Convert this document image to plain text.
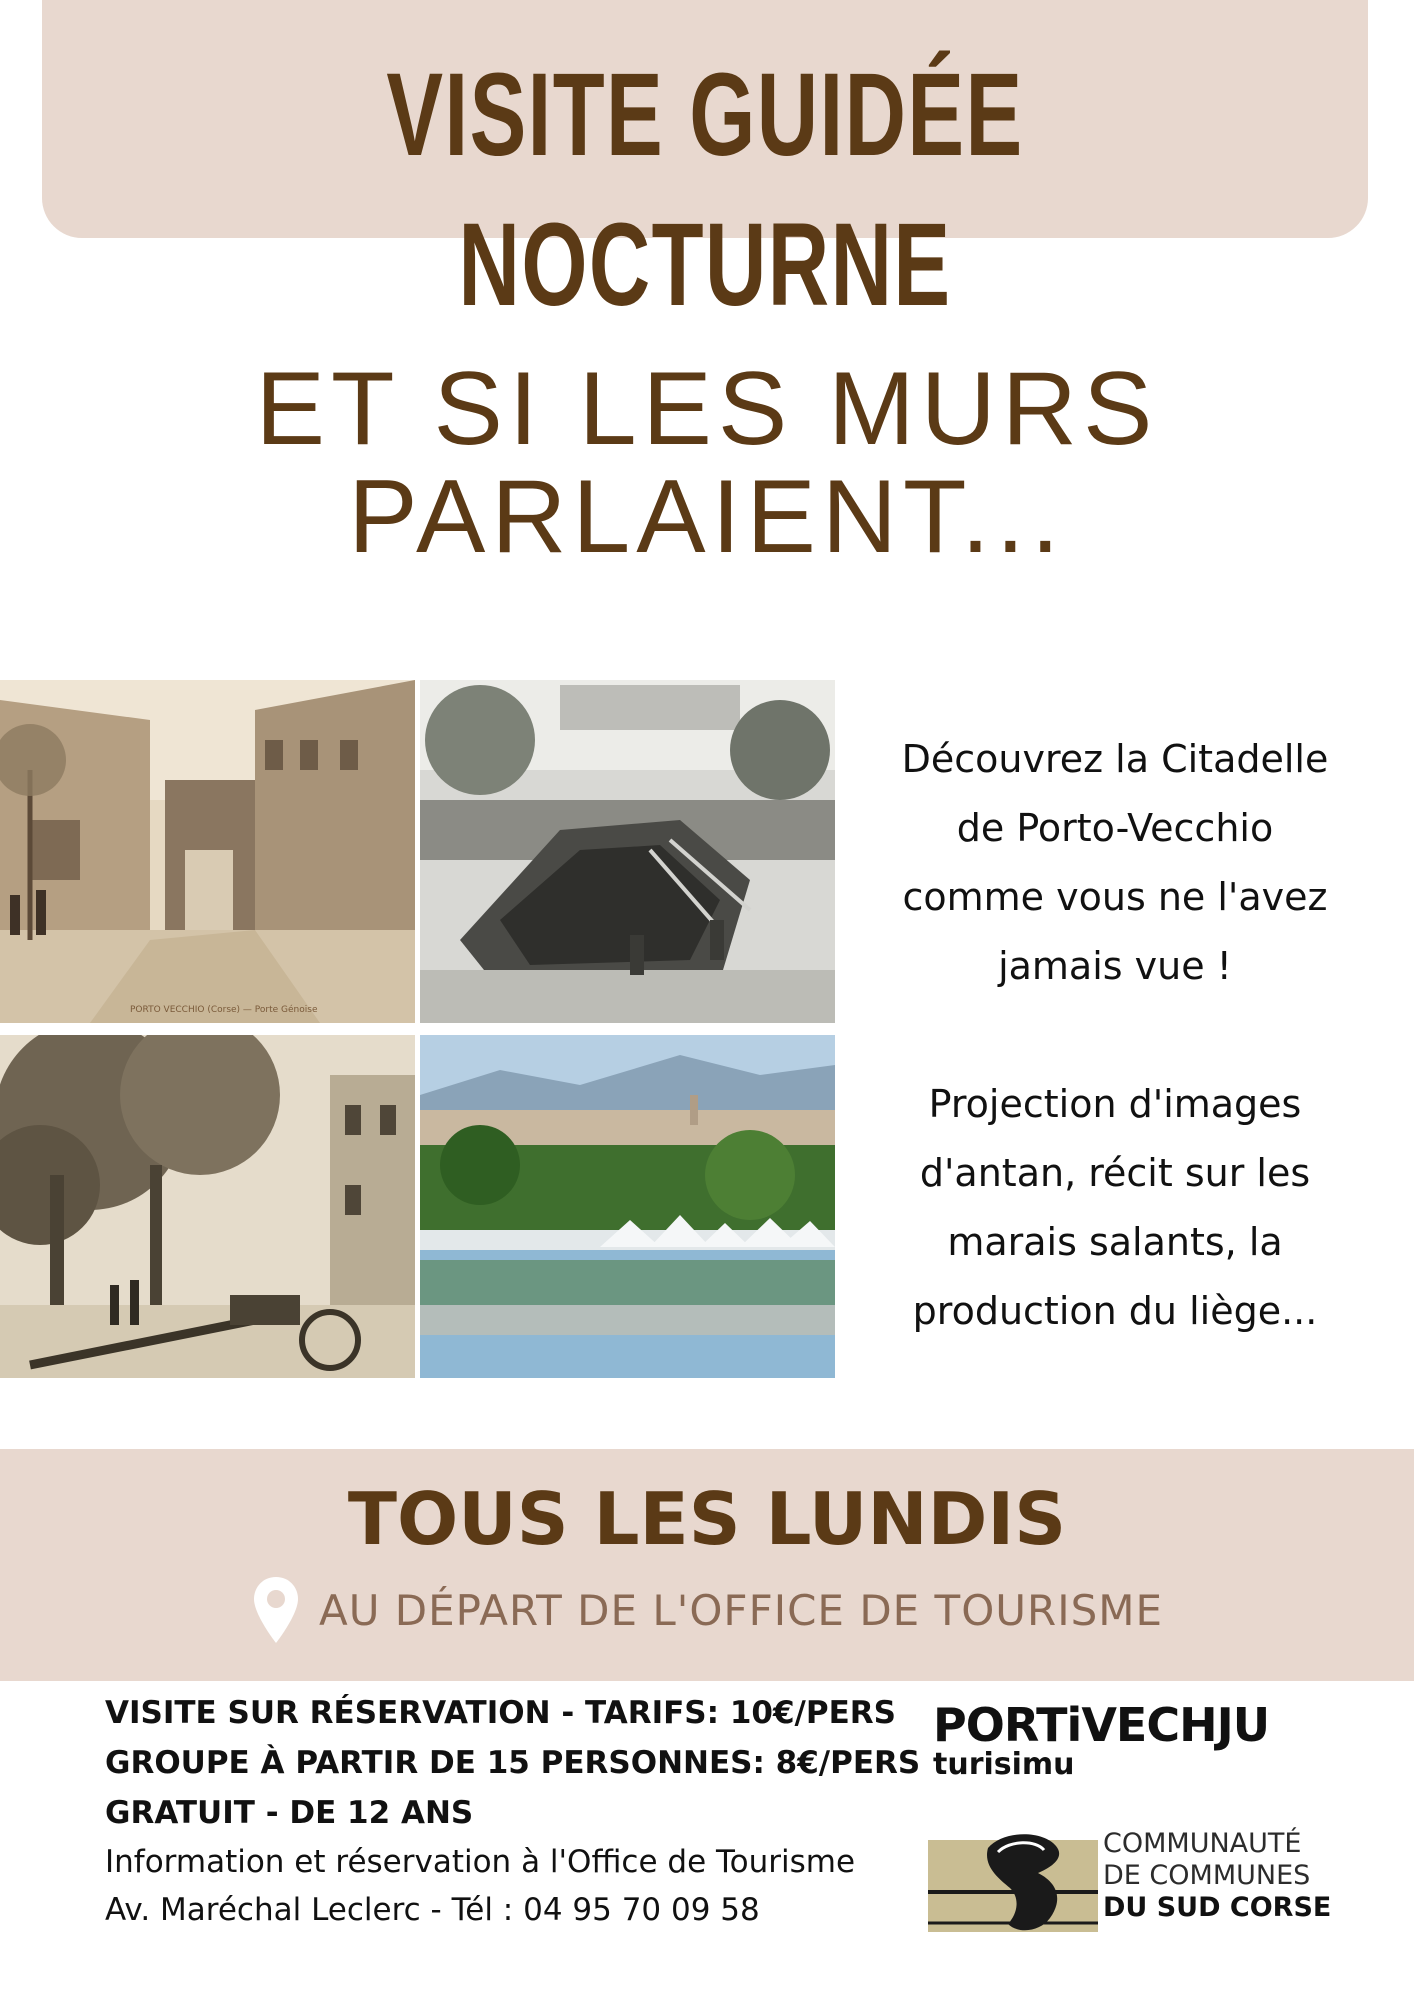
VISITE GUIDÉE NOCTURNE
ET SI LES MURS
PARLAIENT...
PORTO VECCHIO (Corse) — Porte Génoise

Découvrez la Citadelle

de Porto-Vecchio

comme vous ne l'avez

jamais vue !

Projection d'images

d'antan, récit sur les

marais salants, la

production du liège...

TOUS LES LUNDIS
AU DÉPART DE L'OFFICE DE TOURISME
VISITE SUR RÉSERVATION - TARIFS: 10€/PERS
GROUPE À PARTIR DE 15 PERSONNES: 8€/PERS
GRATUIT - DE 12 ANS
Information et réservation à l'Office de Tourisme
Av. Maréchal Leclerc - Tél : 04 95 70 09 58
PORTiVECHJU
turisimu
COMMUNAUTÉ
DE COMMUNES
DU SUD CORSE
